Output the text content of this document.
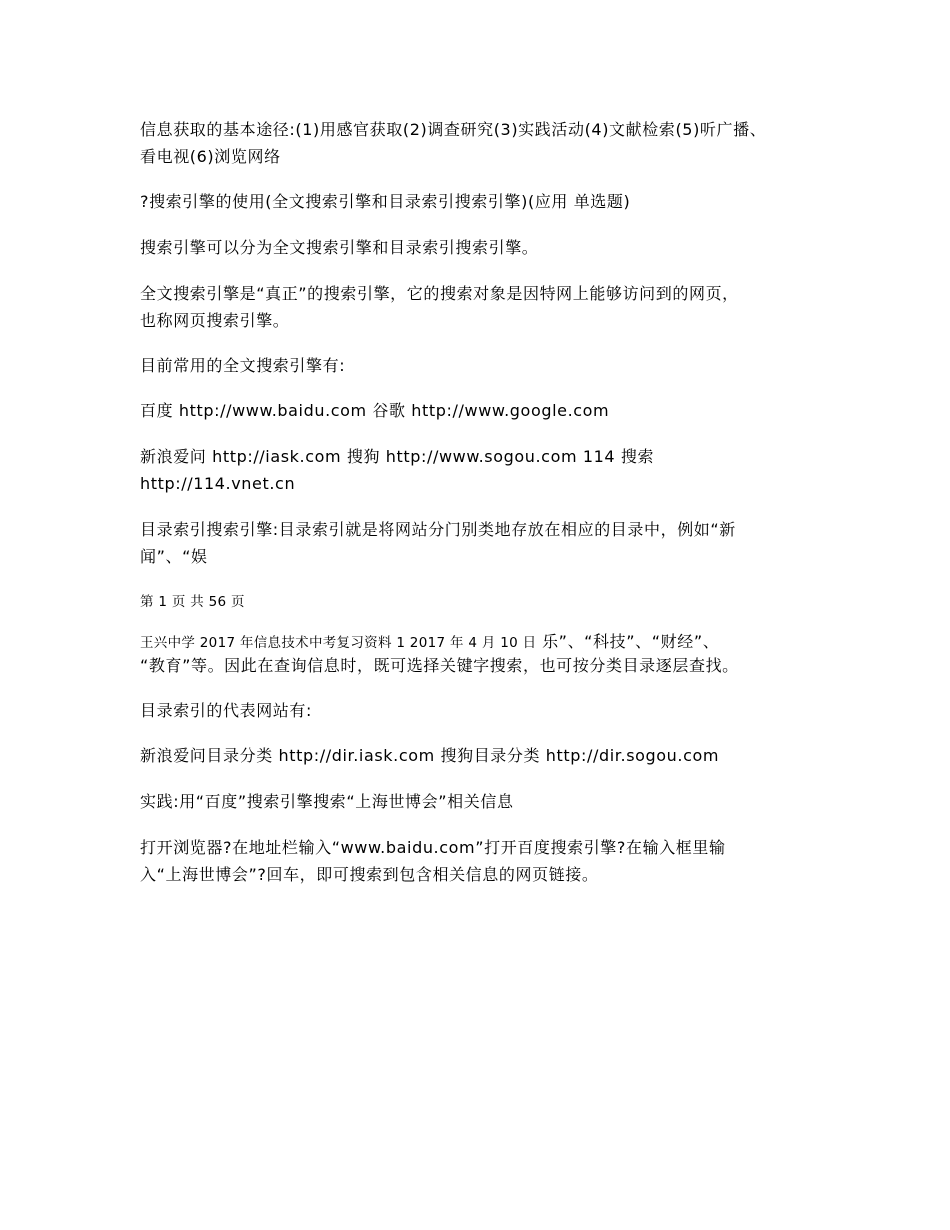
信息获取的基本途径:(1)用感官获取(2)调查研究(3)实践活动(4)文献检索(5)听广播、
看电视(6)浏览网络
?搜索引擎的使用(全文搜索引擎和目录索引搜索引擎)(应用 单选题)
搜索引擎可以分为全文搜索引擎和目录索引搜索引擎。
全文搜索引擎是“真正”的搜索引擎，它的搜索对象是因特网上能够访问到的网页，
也称网页搜索引擎。
目前常用的全文搜索引擎有:
百度 http://www.baidu.com 谷歌 http://www.google.com
新浪爱问 http://iask.com 搜狗 http://www.sogou.com 114 搜索
http://114.vnet.cn
目录索引搜索引擎:目录索引就是将网站分门别类地存放在相应的目录中，例如“新
闻”、“娱
第 1 页 共 56 页
王兴中学 2017 年信息技术中考复习资料 1 2017 年 4 月 10 日 乐”、“科技”、“财经”、
“教育”等。因此在查询信息时，既可选择关键字搜索，也可按分类目录逐层查找。
目录索引的代表网站有:
新浪爱问目录分类 http://dir.iask.com 搜狗目录分类 http://dir.sogou.com
实践:用“百度”搜索引擎搜索“上海世博会”相关信息
打开浏览器?在地址栏输入“www.baidu.com”打开百度搜索引擎?在输入框里输
入“上海世博会”?回车，即可搜索到包含相关信息的网页链接。
